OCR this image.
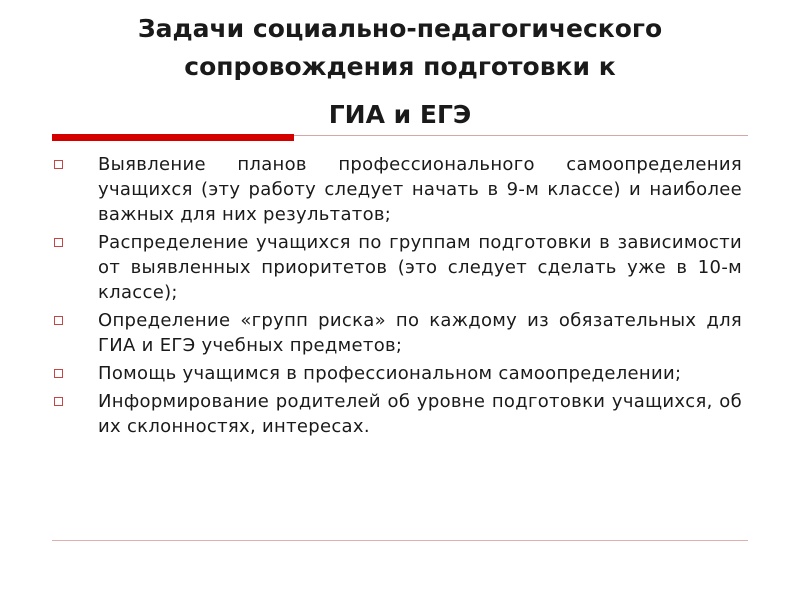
Задачи социально-педагогического
сопровождения подготовки к
ГИА и ЕГЭ
Выявление планов профессионального самоопределения учащихся (эту работу следует начать в 9-м классе) и наиболее важных для них результатов;
Распределение учащихся по группам подготовки в зависимости от выявленных приоритетов (это следует сделать уже в 10-м классе);
Определение «групп риска» по каждому из обязательных для ГИА и ЕГЭ учебных предметов;
Помощь учащимся в профессиональном самоопределении;
Информирование родителей об уровне подготовки учащихся, об их склонностях, интересах.
